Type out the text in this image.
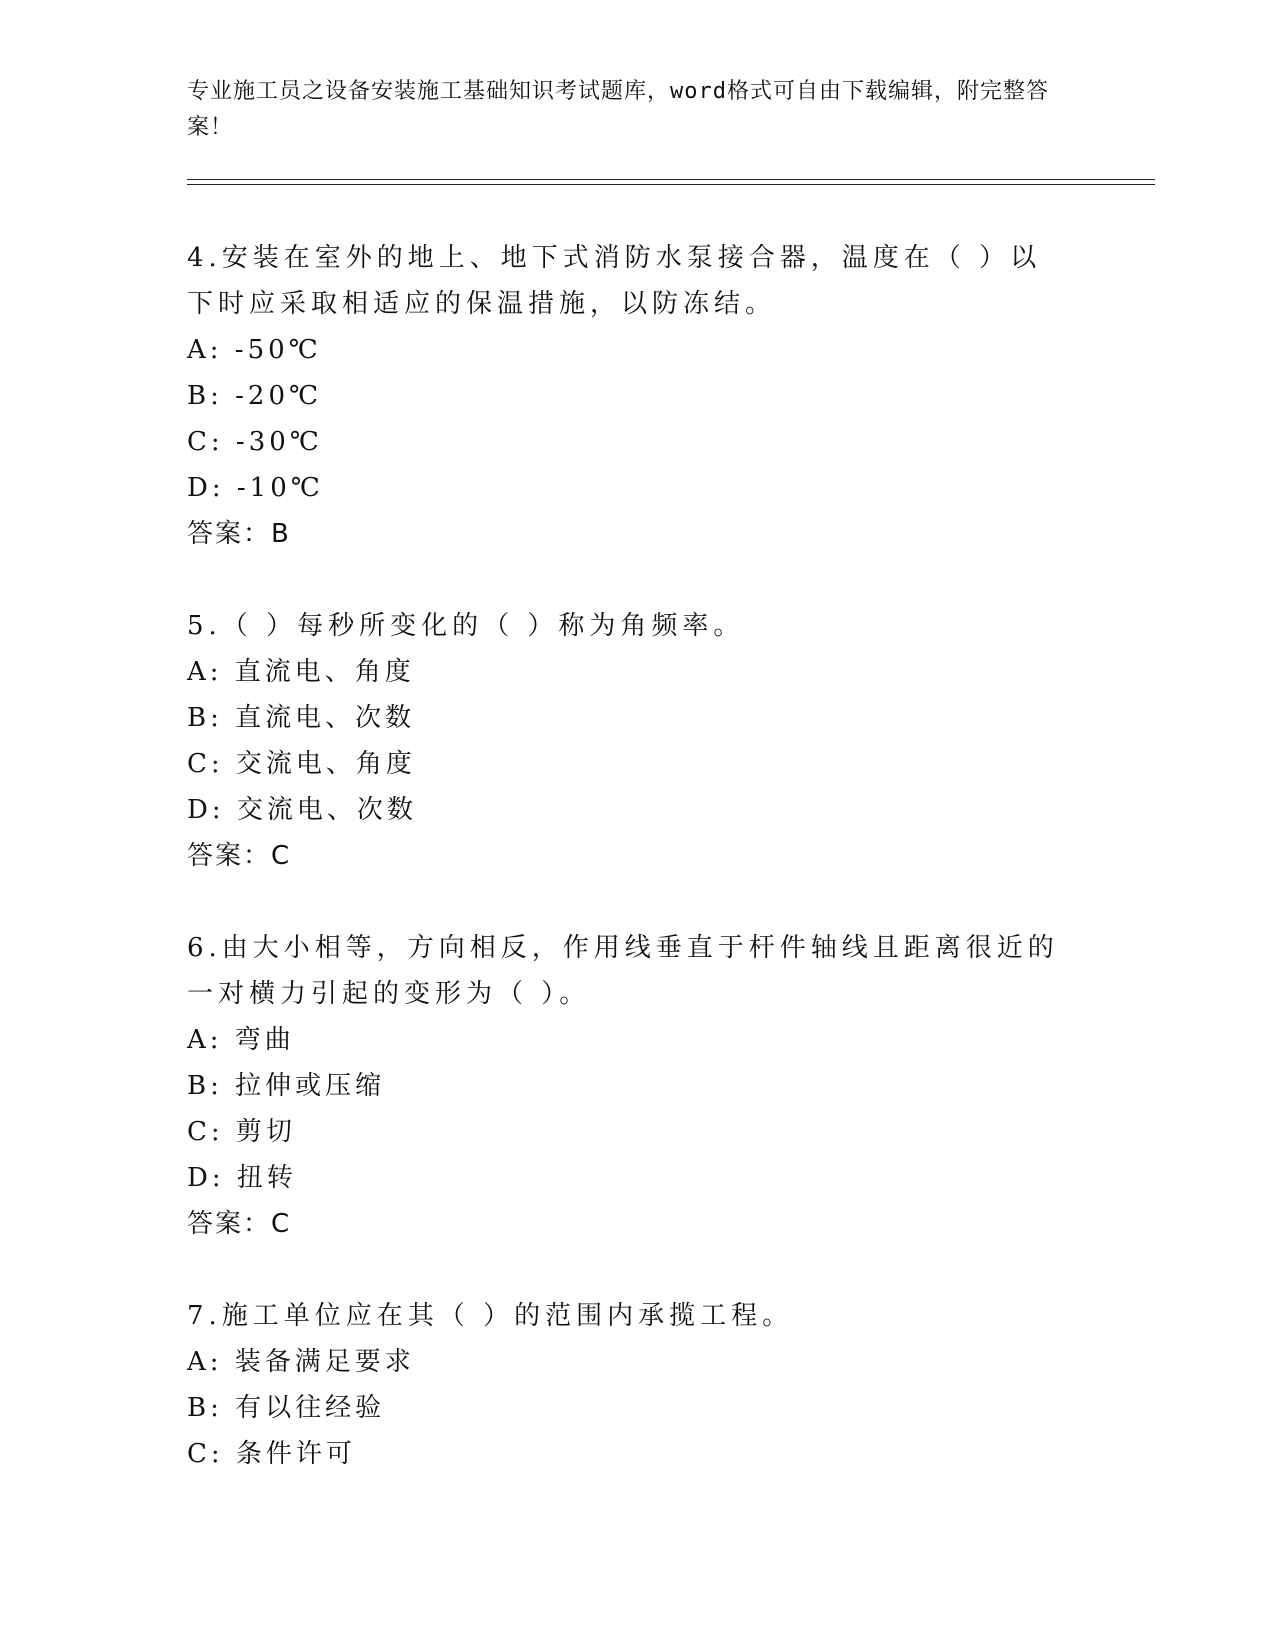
专业施工员之设备安装施工基础知识考试题库，word格式可自由下载编辑，附完整答案！

4.安装在室外的地上、地下式消防水泵接合器，温度在（ ）以下时应采取相适应的保温措施，以防冻结。

A: -50℃

B: -20℃

C: -30℃

D: -10℃

答案：B

5.（ ）每秒所变化的（ ）称为角频率。

A: 直流电、角度

B: 直流电、次数

C: 交流电、角度

D: 交流电、次数

答案：C

6.由大小相等，方向相反，作用线垂直于杆件轴线且距离很近的一对横力引起的变形为（ ）。

A: 弯曲

B: 拉伸或压缩

C: 剪切

D: 扭转

答案：C

7.施工单位应在其（ ）的范围内承揽工程。

A: 装备满足要求

B: 有以往经验

C: 条件许可
